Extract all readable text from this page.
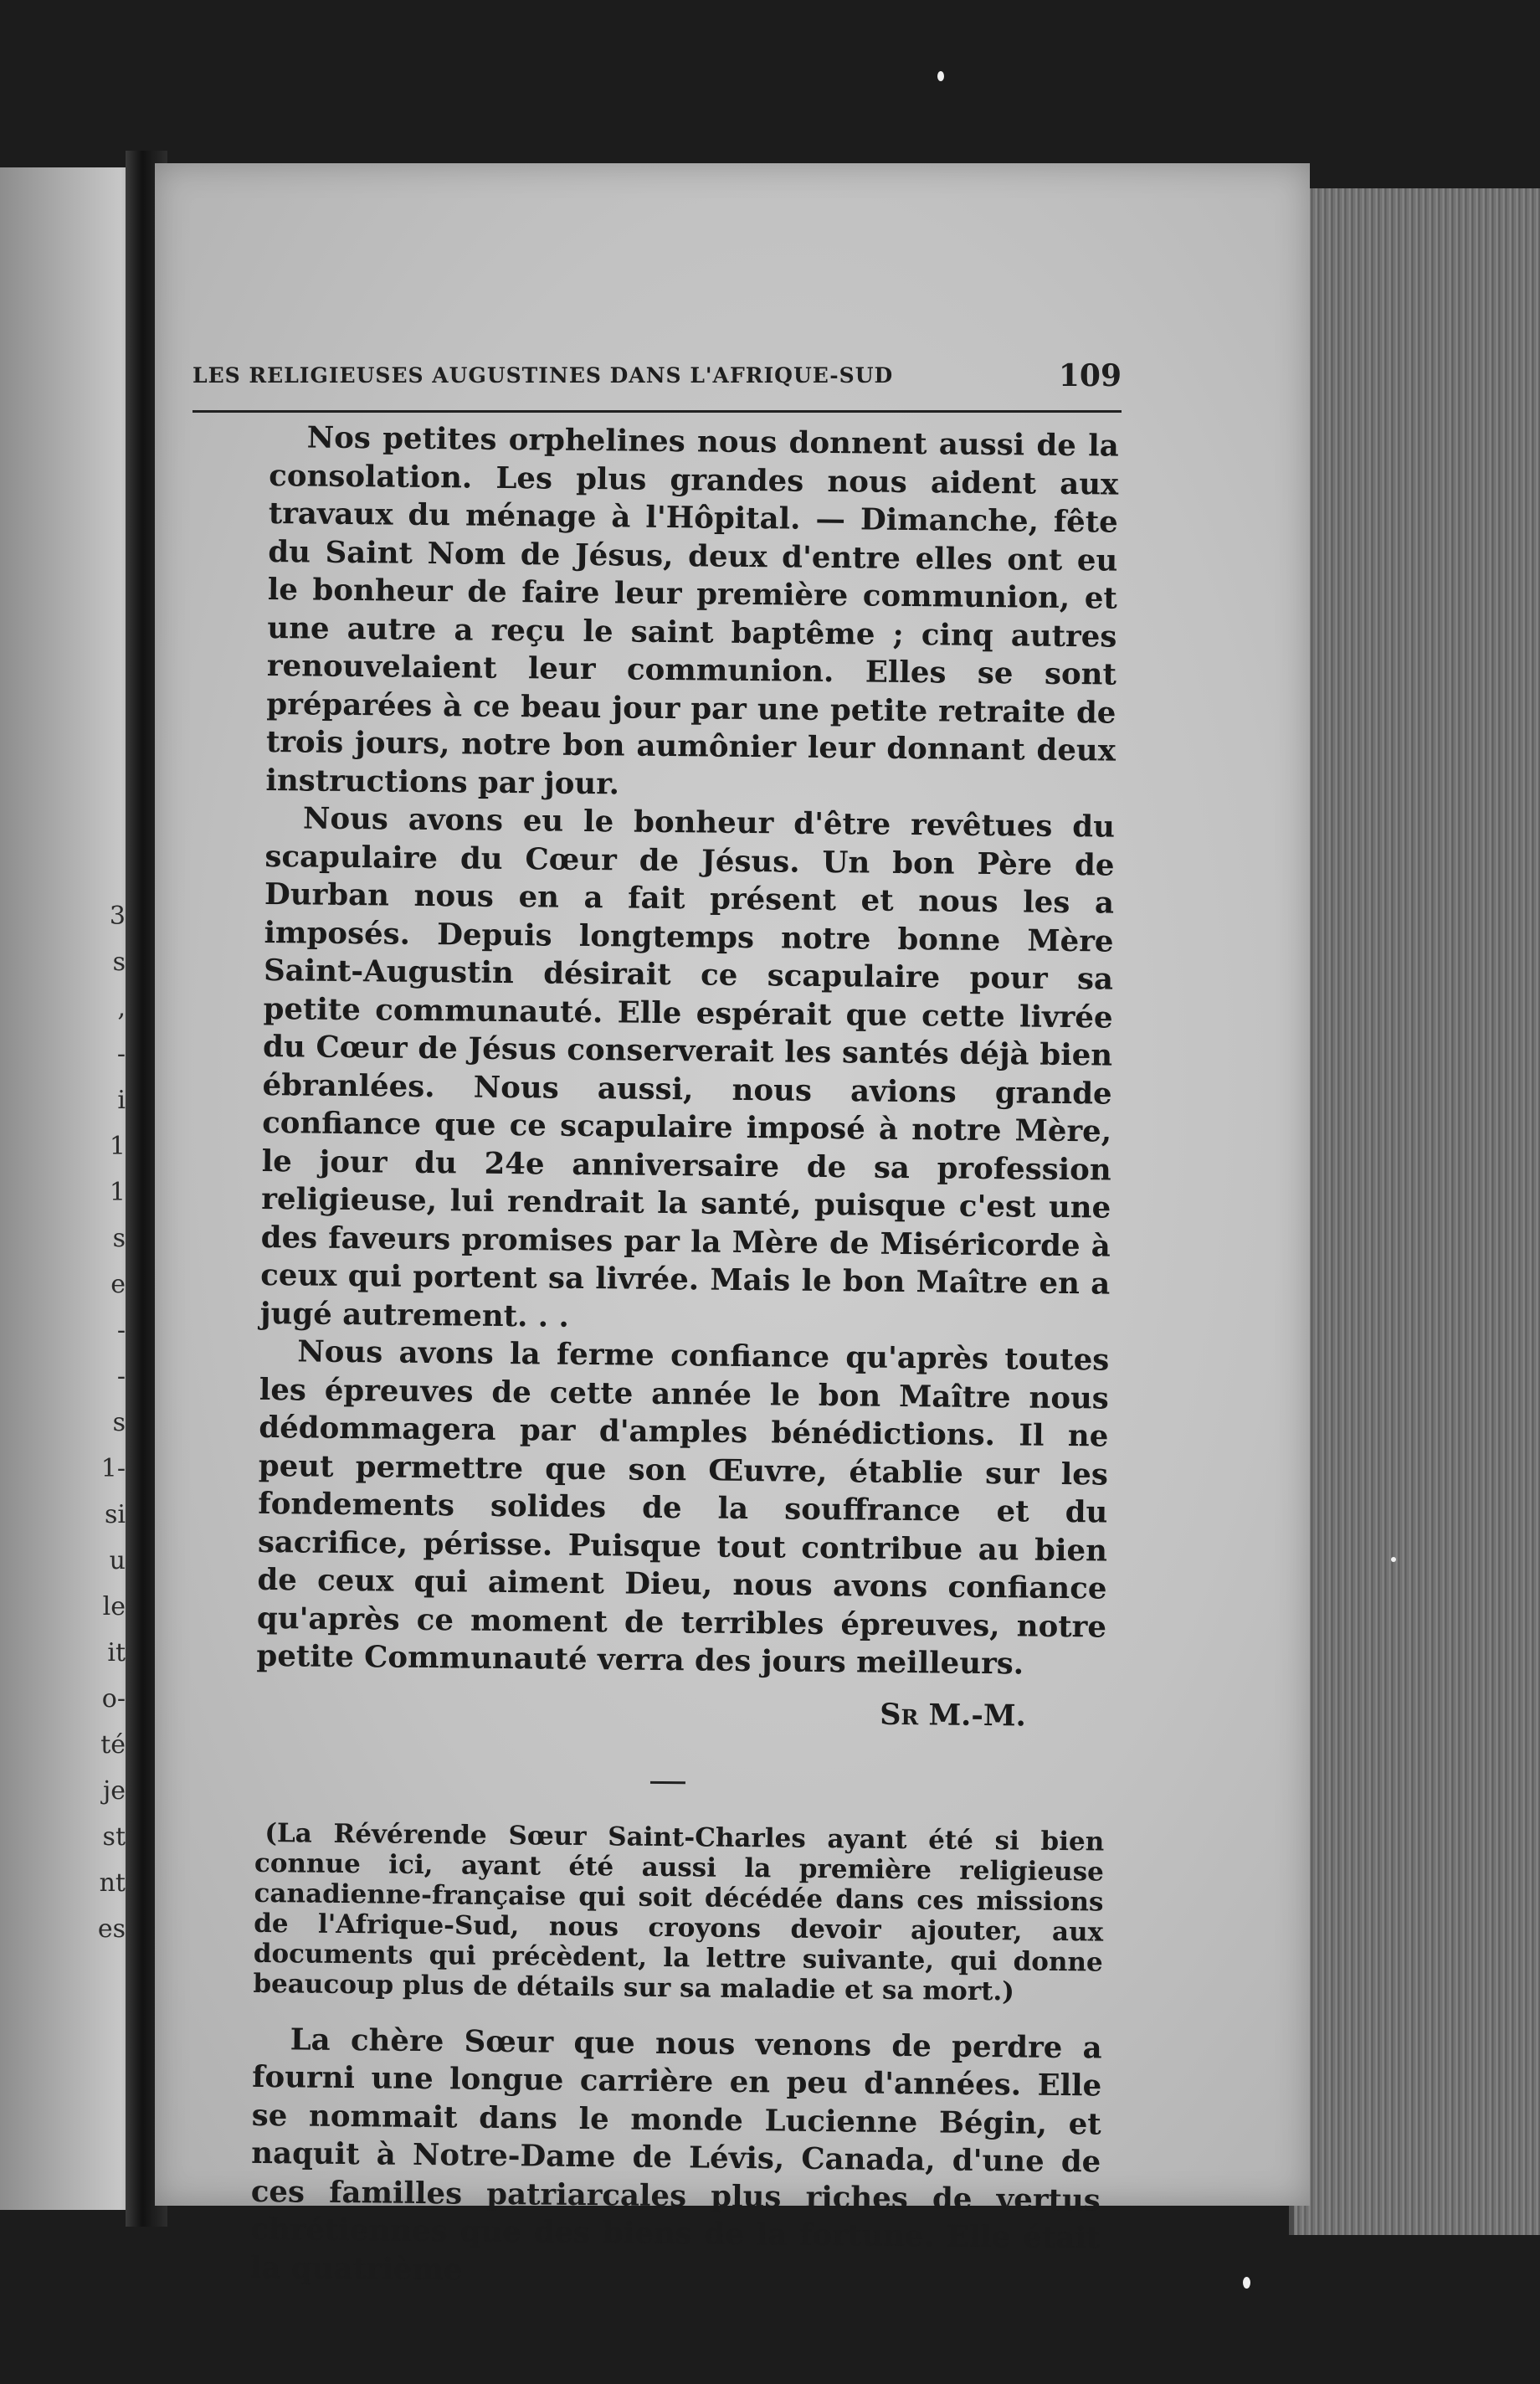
3
s
,
-
i
1
1
s
e
-
-
s
1-
si
u
le
it
o-
té
je
st
nt
es
LES RELIGIEUSES AUGUSTINES DANS L'AFRIQUE-SUD	109

Nos petites orphelines nous donnent aussi de la consolation. Les plus grandes nous aident aux travaux du ménage à l'Hôpital. — Dimanche, fête du Saint Nom de Jésus, deux d'entre elles ont eu le bonheur de faire leur première communion, et une autre a reçu le saint baptême ; cinq autres renouvelaient leur communion. Elles se sont préparées à ce beau jour par une petite retraite de trois jours, notre bon aumônier leur donnant deux instructions par jour.

Nous avons eu le bonheur d'être revêtues du scapulaire du Cœur de Jésus. Un bon Père de Durban nous en a fait présent et nous les a imposés. Depuis longtemps notre bonne Mère Saint-Augustin désirait ce scapulaire pour sa petite communauté. Elle espérait que cette livrée du Cœur de Jésus conserverait les santés déjà bien ébranlées. Nous aussi, nous avions grande confiance que ce scapulaire imposé à notre Mère, le jour du 24e anniversaire de sa profession religieuse, lui rendrait la santé, puisque c'est une des faveurs promises par la Mère de Miséricorde à ceux qui portent sa livrée. Mais le bon Maître en a jugé autrement. . .

Nous avons la ferme confiance qu'après toutes les épreuves de cette année le bon Maître nous dédommagera par d'amples bénédictions. Il ne peut permettre que son Œuvre, établie sur les fondements solides de la souffrance et du sacrifice, périsse. Puisque tout contribue au bien de ceux qui aiment Dieu, nous avons confiance qu'après ce moment de terribles épreuves, notre petite Communauté verra des jours meilleurs.

Sr M.-M.

(La Révérende Sœur Saint-Charles ayant été si bien connue ici, ayant été aussi la première religieuse canadienne-française qui soit décédée dans ces missions de l'Afrique-Sud, nous croyons devoir ajouter, aux documents qui précèdent, la lettre suivante, qui donne beaucoup plus de détails sur sa maladie et sa mort.)

La chère Sœur que nous venons de perdre a fourni une longue carrière en peu d'années. Elle se nommait dans le monde Lucienne Bégin, et naquit à Notre-Dame de Lévis, Canada, d'une de ces familles patriarcales plus riches de vertus chrétiennes que des biens de la fortune. Elle était la quatrième
